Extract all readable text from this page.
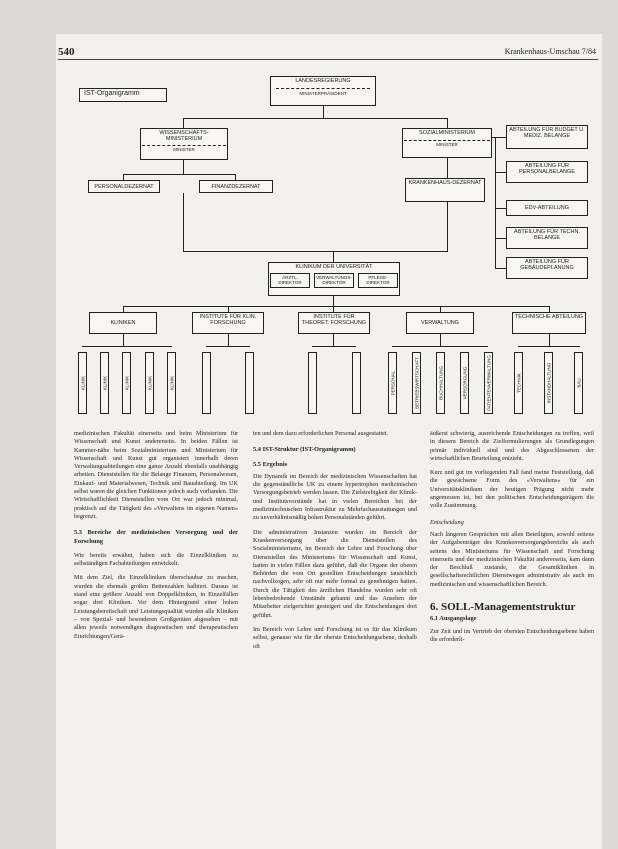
540	Krankenhaus-Umschau 7/84
IST-Organigramm
LANDESREGIERUNG
MINISTERPRÄSIDENT
WISSENSCHAFTS-MINISTERIUM
MINISTER
SOZIALMINISTERIUM
MINISTER
PERSONALDEZERNAT	FINANZDEZERNAT
KRANKENHAUS-DEZERNAT
ABTEILUNG FÜR BUDGET U. MEDIZ. BELANGE
ABTEILUNG FÜR PERSONALBELANGE
EDV-ABTEILUNG
ABTEILUNG FÜR TECHN. BELANGE
ABTEILUNG FÜR GEBÄUDEPLANUNG
KLINIKUM DER UNIVERSITÄT
ÄRZTL. DIREKTOR
VERWALTUNGS-DIREKTOR
PFLEGE-DIREKTOR
KLINIKEN
INSTITUTE FÜR KLIN. FORSCHUNG
INSTITUTE FÜR THEORET. FORSCHUNG	VERWALTUNG
TECHNISCHE ABTEILUNG
KLINIK	KLINIK	KLINIK	KLINIK	KLINIK	PERSONAL	BETRIEBSWIRTSCHAFT	BUCHHALTUNG	VERSORGUNG	PATIENTENVERWALTUNG	TECHNIK	INSTANDHALTUNG	BAU

medizinischen Fakultät einerseits und beim Ministerium für Wissenschaft und Kunst andererseits. In beiden Fällen ist Kammer-nähe beim Sozialministerium und Ministerium für Wissenschaft und Kunst gut organisiert innerhalb deren Verwaltungsabteilungen eine ganze Anzahl ebenfalls unabhängig arbeiten. Dienststellen für die Belange Finanzen, Personalwesen, Einkauf- und Materialwesen, Technik und Bauabteilung. Im UK selbst waren die gleichen Funktionen jedoch auch vorhanden. Die Wirtschaftlichkeit Dienststellen vom Ort war jedoch minimal, praktisch auf die Tätigkeit des »Verwaltens im eigenen Namen« begrenzt.

5.3 Bereiche der medizinischen Versorgung und der Forschung

Wie bereits erwähnt, haben sich die Einzelkliniken zu selbständigen Fachabteilungen entwickelt.

Mit dem Ziel, die Einzelkliniken überschaubar zu machen, wurden die ehemals großen Bettenzahlen halbiert. Daraus ist stand eine größere Anzahl von Doppelkliniken, in Einzelfällen sogar drei Kliniken. Vor dem Hintergrund einer hohen Leistungsbereitschaft und Leistungsqualität wurden alle Kliniken – von Spezial- und besonderen Großgeräten abgesehen – mit allen jeweils notwendigen diagnostischen und therapeutischen Einrichtungen/Gerä-

ten und dem dazu erforderlichen Personal ausgestattet.

5.4 IST-Struktur (IST-Organigramm)

5.5 Ergebnis

Die Dynamik im Bereich der medizinischen Wissenschaften hat die gegenständliche UK zu einem hypertrophen medizinischen Versorgungsbetrieb werden lassen. Die Zielstrebigkeit der Klinik- und Institutsvorstände hat in vielen Bereichen bei der medizintechnischen Infrastruktur zu Mehrfachausstattungen und zu unverhältnismäßig hohen Personalständen geführt.

Die administrativen Instanzen wurden im Bereich der Krankenversorgung über die Dienststellen des Sozialministeriums, im Bereich der Lehre und Forschung über Dienststellen des Ministeriums für Wissenschaft und Kunst, hatten in vielen Fällen dazu geführt, daß die Organe der oberen Behörden die vom Ort gestellten Entscheidungen tatsächlich nachvollzogen, sehr oft nur mehr formal zu genehmigen hatten. Durch die Tätigkeit des ärztlichen Handelns wurden sehr oft lebenbedrohende Umstände gebannt und das Ansehen der Mitarbeiter zielgerichtet gesteigert und die Entscheidungen dort geführt.

Im Bereich von Lehre und Forschung ist es für das Klinikum selbst, genauso wie für die oberste Entscheidungsebene, deshalb oft

äußerst schwierig, ausreichende Entscheidungen zu treffen, weil in diesem Bereich die Zielformulierungen als Grundlegungen primär individuell sind und des Abgeschlossenen der wirtschaftlichen Beurteilung entzieht.

Kurz und gut im vorliegenden Fall fand meine Feststellung, daß die gewachsene Form des »Verwaltens« für ein Universitätsklinikum der heutigen Prägung nicht mehr angemessen ist, bei den politischen Entscheidungsträgern die volle Zustimmung.

Entscheidung

Nach längeren Gesprächen mit allen Beteiligten, sowohl seitens der Aufgabenträger des Krankenversorgungsbereichs als auch seitens des Ministeriums für Wissenschaft und Forschung einerseits und der medizinischen Fakultät andererseits, kam dann der Beschluß zustande, die Gesamtkliniken in gesellschaftsrechtlichen Dienstwegen administrativ als auch im medizinischen und wissenschaftlichen Bereich.

6. SOLL-Managementstruktur

6.1 Ausgangslage

Zur Zeit und im Vertrieb der obersten Entscheidungsebene haben die erforderli-
